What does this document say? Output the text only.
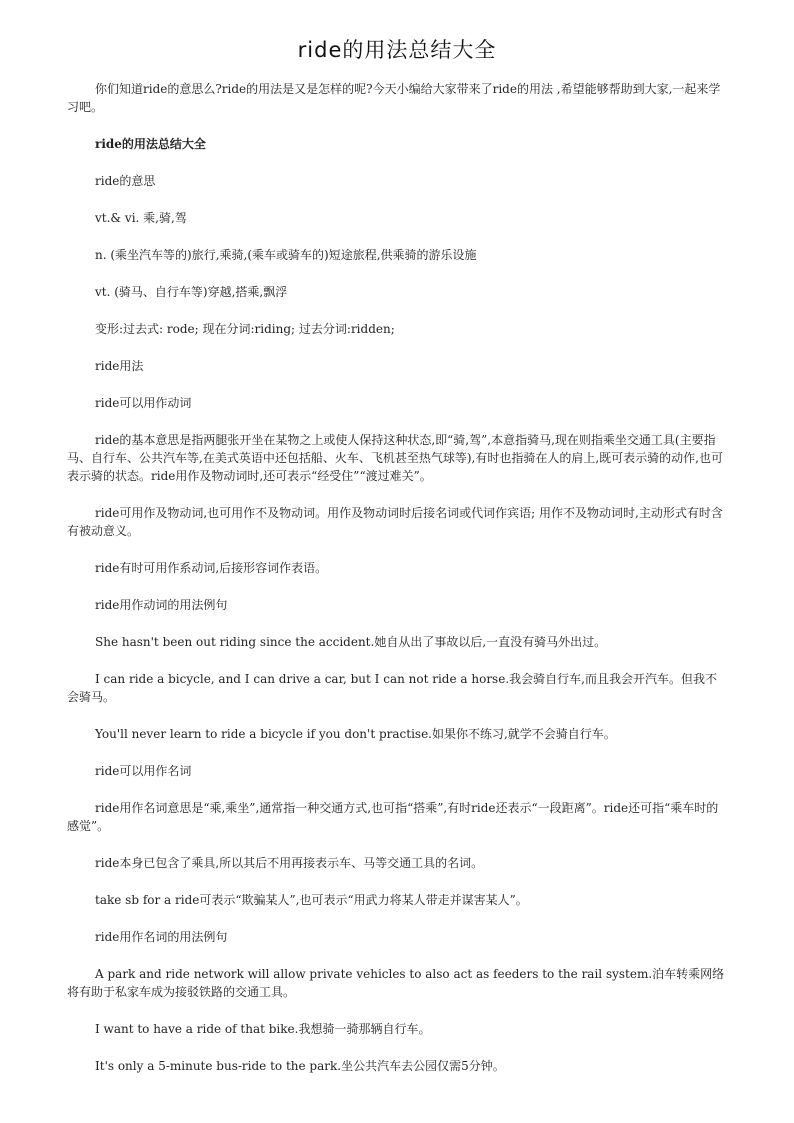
ride的用法总结大全

你们知道ride的意思么?ride的用法是又是怎样的呢?今天小编给大家带来了ride的用法 ,希望能够帮助到大家,一起来学习吧。

ride的用法总结大全

ride的意思

vt.& vi. 乘,骑,驾

n. (乘坐汽车等的)旅行,乘骑,(乘车或骑车的)短途旅程,供乘骑的游乐设施

vt. (骑马、自行车等)穿越,搭乘,飘浮

变形:过去式: rode; 现在分词:riding; 过去分词:ridden;

ride用法

ride可以用作动词

ride的基本意思是指两腿张开坐在某物之上或使人保持这种状态,即“骑,驾”,本意指骑马,现在则指乘坐交通工具(主要指马、自行车、公共汽车等,在美式英语中还包括船、火车、飞机甚至热气球等),有时也指骑在人的肩上,既可表示骑的动作,也可表示骑的状态。ride用作及物动词时,还可表示“经受住”“渡过难关”。

ride可用作及物动词,也可用作不及物动词。用作及物动词时后接名词或代词作宾语; 用作不及物动词时,主动形式有时含有被动意义。

ride有时可用作系动词,后接形容词作表语。

ride用作动词的用法例句

She hasn't been out riding since the accident.她自从出了事故以后,一直没有骑马外出过。

I can ride a bicycle, and I can drive a car, but I can not ride a horse.我会骑自行车,而且我会开汽车。但我不会骑马。

You'll never learn to ride a bicycle if you don't practise.如果你不练习,就学不会骑自行车。

ride可以用作名词

ride用作名词意思是“乘,乘坐”,通常指一种交通方式,也可指“搭乘”,有时ride还表示“一段距离”。ride还可指“乘车时的感觉”。

ride本身已包含了乘具,所以其后不用再接表示车、马等交通工具的名词。

take sb for a ride可表示“欺骗某人”,也可表示“用武力将某人带走并谋害某人”。

ride用作名词的用法例句

A park and ride network will allow private vehicles to also act as feeders to the rail system.泊车转乘网络将有助于私家车成为接驳铁路的交通工具。

I want to have a ride of that bike.我想骑一骑那辆自行车。

It's only a 5-minute bus-ride to the park.坐公共汽车去公园仅需5分钟。
